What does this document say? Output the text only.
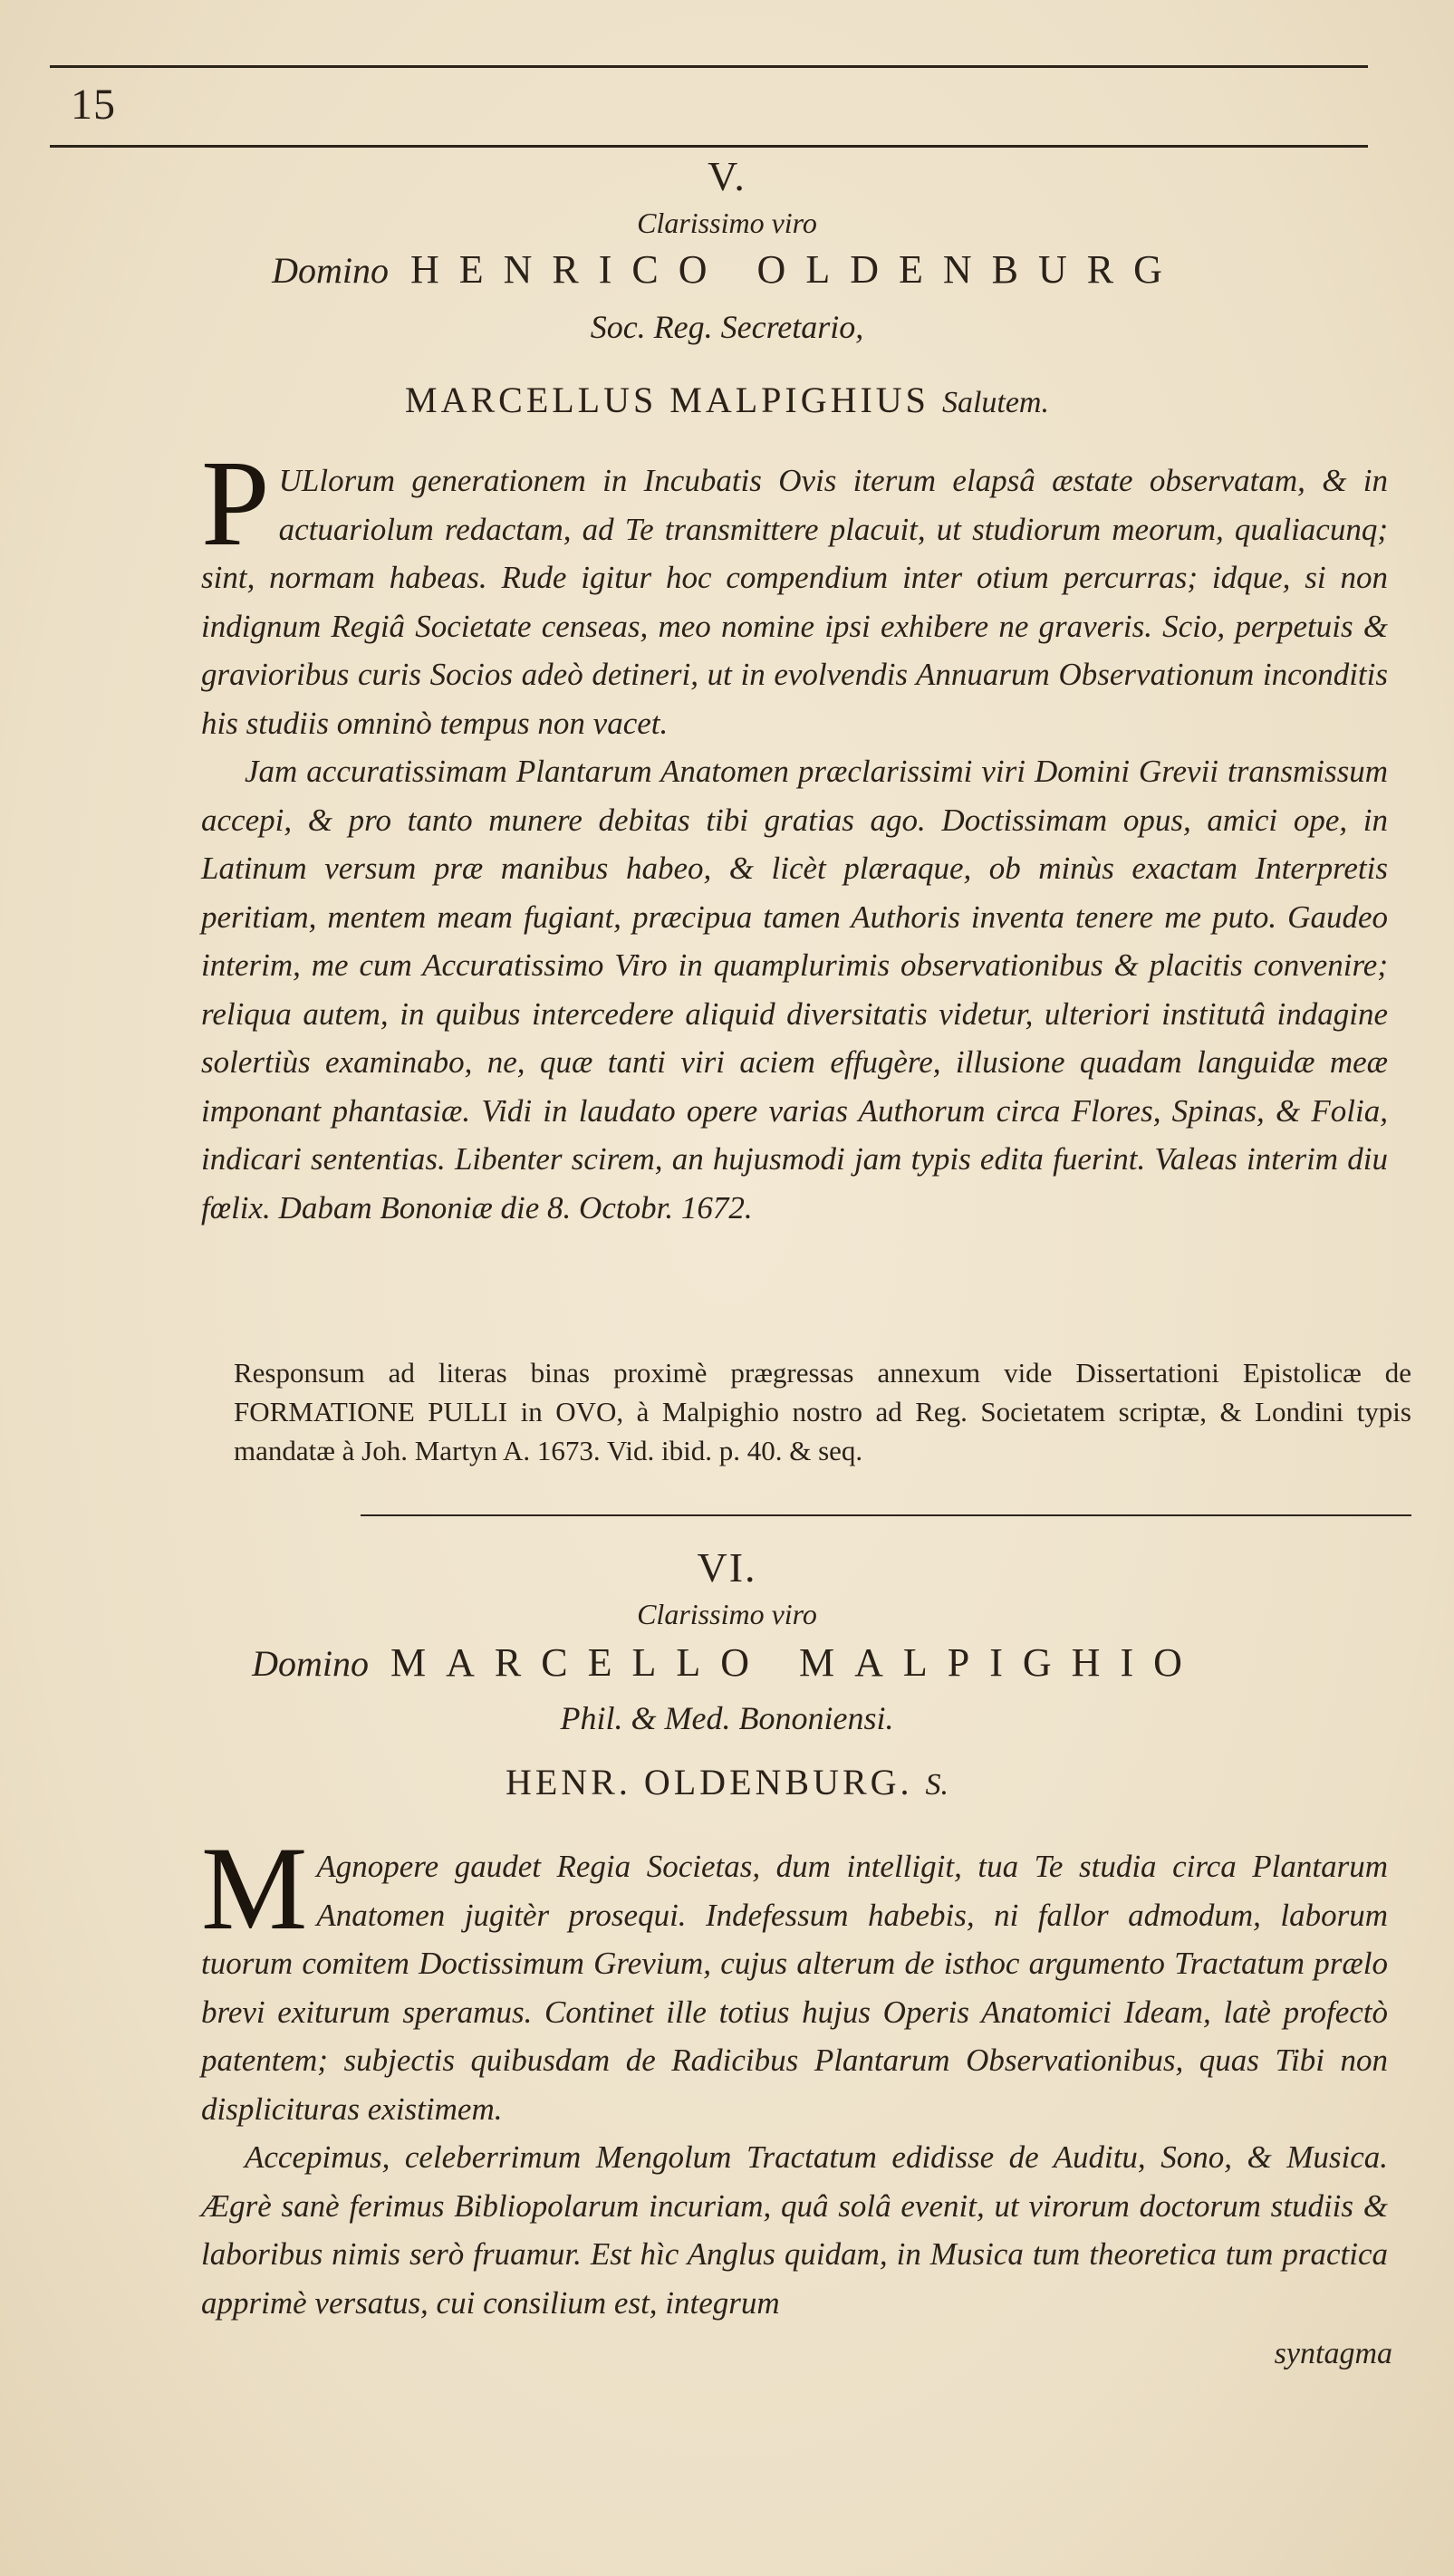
15
V.
Clarissimo viro
Domino HENRICO OLDENBURG
Soc. Reg. Secretario,
MARCELLUS MALPIGHIUS Salutem.

P ULlorum generationem in Incubatis Ovis iterum elapsâ æstate observatam, & in actuariolum redactam, ad Te transmittere placuit, ut studiorum meorum, qualiacunq; sint, normam habeas. Rude igitur hoc compendium inter otium percurras; idque, si non indignum Regiâ Societate censeas, meo nomine ipsi exhibere ne graveris. Scio, perpetuis & gravioribus curis Socios adeò detineri, ut in evolvendis Annuarum Observationum inconditis his studiis omninò tempus non vacet.

Jam accuratissimam Plantarum Anatomen præclarissimi viri Domini Grevii transmissum accepi, & pro tanto munere debitas tibi gratias ago. Doctissimam opus, amici ope, in Latinum versum præ manibus habeo, & licèt plæraque, ob minùs exactam Interpretis peritiam, mentem meam fugiant, præcipua tamen Authoris inventa tenere me puto. Gaudeo interim, me cum Accuratissimo Viro in quamplurimis observationibus & placitis convenire; reliqua autem, in quibus intercedere aliquid diversitatis videtur, ulteriori institutâ indagine solertiùs examinabo, ne, quæ tanti viri aciem effugère, illusione quadam languidæ meæ imponant phantasiæ. Vidi in laudato opere varias Authorum circa Flores, Spinas, & Folia, indicari sententias. Libenter scirem, an hujusmodi jam typis edita fuerint. Valeas interim diu fœlix. Dabam Bononiæ die 8. Octobr. 1672.

Responsum ad literas binas proximè prægressas annexum vide Dissertationi Epistolicæ de FORMATIONE PULLI in OVO, à Malpighio nostro ad Reg. Societatem scriptæ, & Londini typis mandatæ à Joh. Martyn A. 1673. Vid. ibid. p. 40. & seq.
VI.
Clarissimo viro
Domino MARCELLO MALPIGHIO
Phil. & Med. Bononiensi.
HENR. OLDENBURG. S.

M Agnopere gaudet Regia Societas, dum intelligit, tua Te studia circa Plantarum Anatomen jugitèr prosequi. Indefessum habebis, ni fallor admodum, laborum tuorum comitem Doctissimum Grevium, cujus alterum de isthoc argumento Tractatum prælo brevi exiturum speramus. Continet ille totius hujus Operis Anatomici Ideam, latè profectò patentem; subjectis quibusdam de Radicibus Plantarum Observationibus, quas Tibi non displicituras existimem.

Accepimus, celeberrimum Mengolum Tractatum edidisse de Auditu, Sono, & Musica. Ægrè sanè ferimus Bibliopolarum incuriam, quâ solâ evenit, ut virorum doctorum studiis & laboribus nimis serò fruamur. Est hìc Anglus quidam, in Musica tum theoretica tum practica apprimè versatus, cui consilium est, integrum

syntagma
